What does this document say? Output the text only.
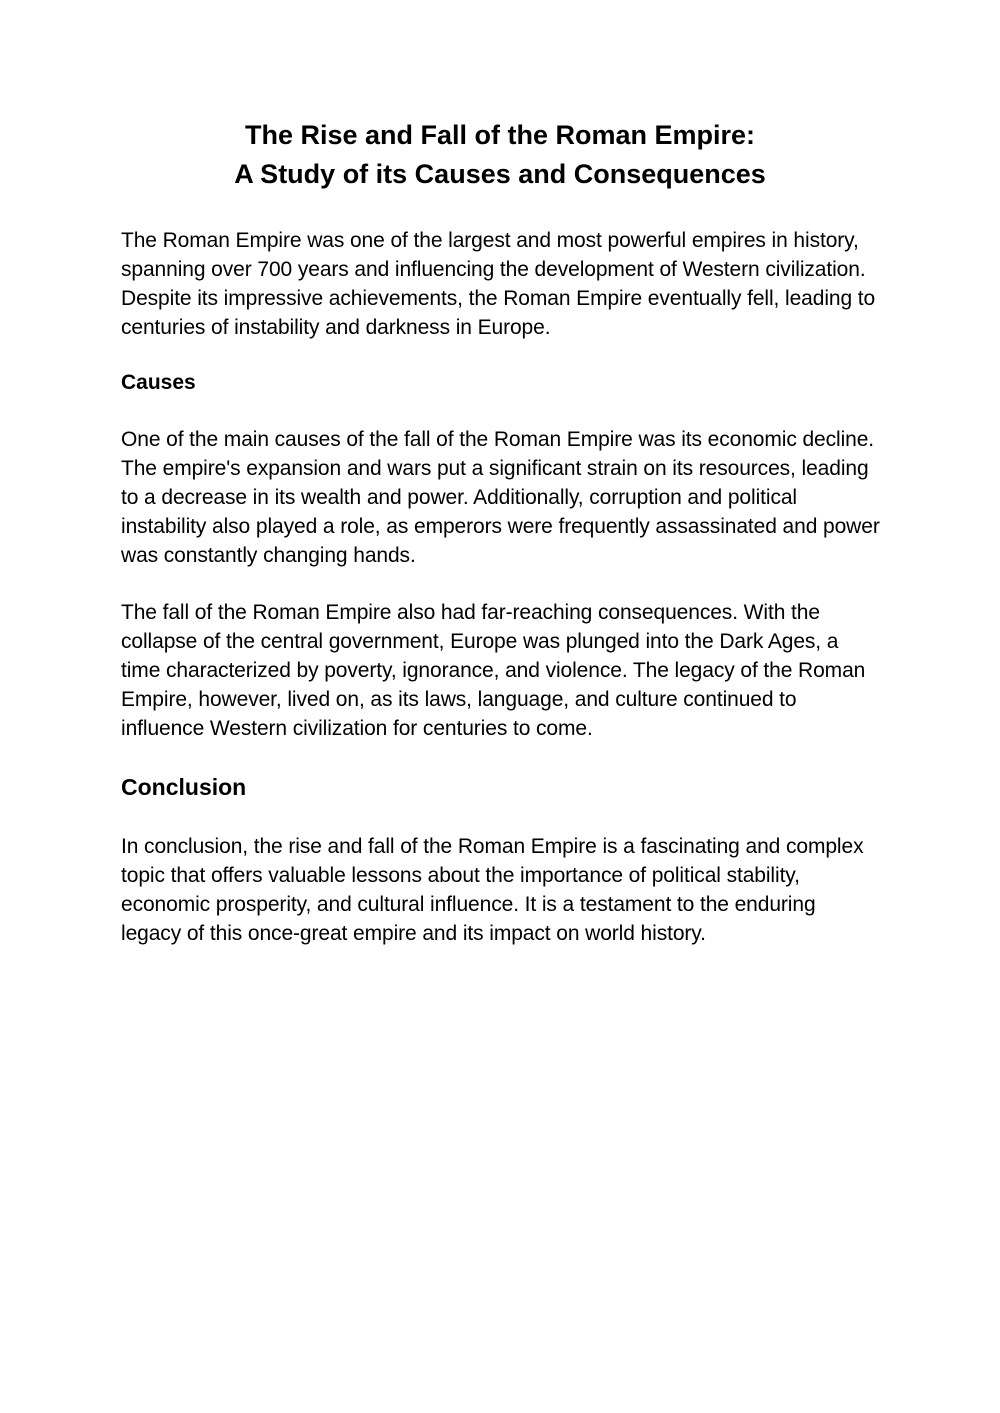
The Rise and Fall of the Roman Empire:
A Study of its Causes and Consequences

The Roman Empire was one of the largest and most powerful empires in history, spanning over 700 years and influencing the development of Western civilization. Despite its impressive achievements, the Roman Empire eventually fell, leading to centuries of instability and darkness in Europe.

Causes

One of the main causes of the fall of the Roman Empire was its economic decline. The empire's expansion and wars put a significant strain on its resources, leading to a decrease in its wealth and power. Additionally, corruption and political instability also played a role, as emperors were frequently assassinated and power was constantly changing hands.

The fall of the Roman Empire also had far-reaching consequences. With the collapse of the central government, Europe was plunged into the Dark Ages, a time characterized by poverty, ignorance, and violence. The legacy of the Roman Empire, however, lived on, as its laws, language, and culture continued to influence Western civilization for centuries to come.

Conclusion

In conclusion, the rise and fall of the Roman Empire is a fascinating and complex topic that offers valuable lessons about the importance of political stability, economic prosperity, and cultural influence. It is a testament to the enduring legacy of this once-great empire and its impact on world history.
